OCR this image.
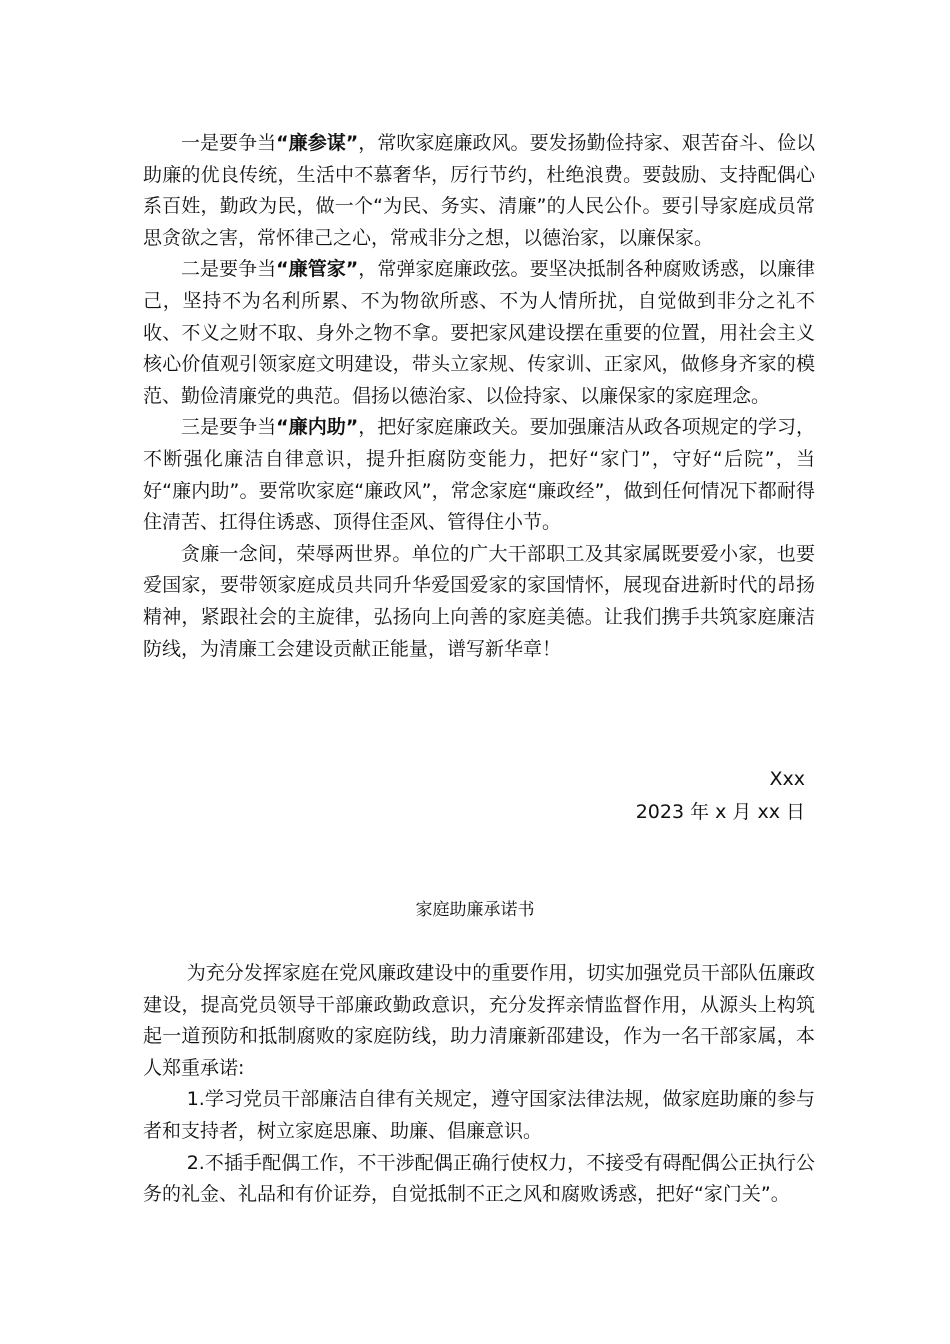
一是要争当“廉参谋”，常吹家庭廉政风。要发扬勤俭持家、艰苦奋斗、俭以助廉的优良传统，生活中不慕奢华，厉行节约，杜绝浪费。要鼓励、支持配偶心系百姓，勤政为民，做一个“为民、务实、清廉”的人民公仆。要引导家庭成员常思贪欲之害，常怀律己之心，常戒非分之想，以德治家，以廉保家。

二是要争当“廉管家”，常弹家庭廉政弦。要坚决抵制各种腐败诱惑，以廉律己，坚持不为名利所累、不为物欲所惑、不为人情所扰，自觉做到非分之礼不收、不义之财不取、身外之物不拿。要把家风建设摆在重要的位置，用社会主义核心价值观引领家庭文明建设，带头立家规、传家训、正家风，做修身齐家的模范、勤俭清廉党的典范。倡扬以德治家、以俭持家、以廉保家的家庭理念。

三是要争当“廉内助”，把好家庭廉政关。要加强廉洁从政各项规定的学习，不断强化廉洁自律意识，提升拒腐防变能力，把好“家门”，守好“后院”，当好“廉内助”。要常吹家庭“廉政风”，常念家庭“廉政经”，做到任何情况下都耐得住清苦、扛得住诱惑、顶得住歪风、管得住小节。

贪廉一念间，荣辱两世界。单位的广大干部职工及其家属既要爱小家，也要爱国家，要带领家庭成员共同升华爱国爱家的家国情怀，展现奋进新时代的昂扬精神，紧跟社会的主旋律，弘扬向上向善的家庭美德。让我们携手共筑家庭廉洁防线，为清廉工会建设贡献正能量，谱写新华章！

Xxx
2023 年 x 月 xx 日
家庭助廉承诺书

为充分发挥家庭在党风廉政建设中的重要作用，切实加强党员干部队伍廉政建设，提高党员领导干部廉政勤政意识，充分发挥亲情监督作用，从源头上构筑起一道预防和抵制腐败的家庭防线，助力清廉新邵建设，作为一名干部家属，本人郑重承诺:

1.学习党员干部廉洁自律有关规定，遵守国家法律法规，做家庭助廉的参与者和支持者，树立家庭思廉、助廉、倡廉意识。

2.不插手配偶工作，不干涉配偶正确行使权力，不接受有碍配偶公正执行公务的礼金、礼品和有价证券，自觉抵制不正之风和腐败诱惑，把好“家门关”。
